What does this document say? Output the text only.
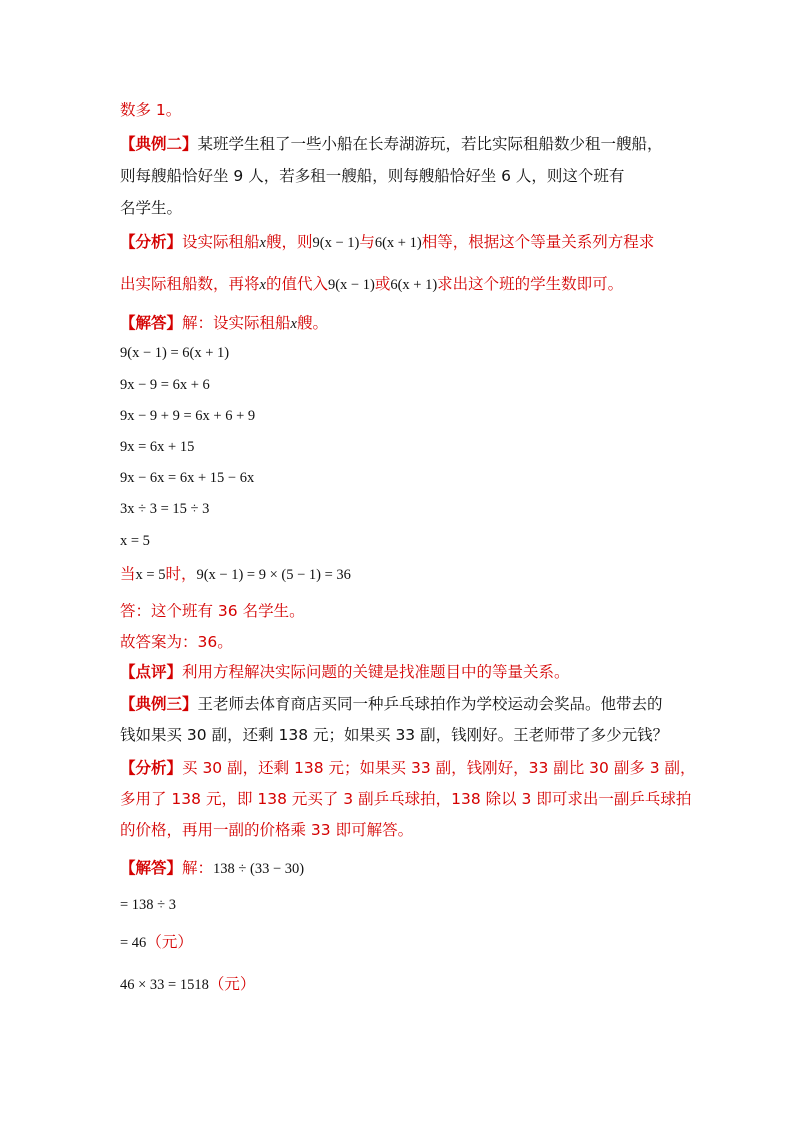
数多 1。
【典例二】某班学生租了一些小船在长寿湖游玩，若比实际租船数少租一艘船，
则每艘船恰好坐 9 人，若多租一艘船，则每艘船恰好坐 6 人，则这个班有
名学生。
【分析】设实际租船x艘，则9(x − 1)与6(x + 1)相等，根据这个等量关系列方程求
出实际租船数，再将x的值代入9(x − 1)或6(x + 1)求出这个班的学生数即可。
【解答】解：设实际租船x艘。
9(x − 1) = 6(x + 1)
9x − 9 = 6x + 6
9x − 9 + 9 = 6x + 6 + 9
9x = 6x + 15
9x − 6x = 6x + 15 − 6x
3x ÷ 3 = 15 ÷ 3
x = 5
当x = 5时，9(x − 1) = 9 × (5 − 1) = 36
答：这个班有 36 名学生。
故答案为：36。
【点评】利用方程解决实际问题的关键是找准题目中的等量关系。
【典例三】王老师去体育商店买同一种乒乓球拍作为学校运动会奖品。他带去的
钱如果买 30 副，还剩 138 元；如果买 33 副，钱刚好。王老师带了多少元钱？
【分析】买 30 副，还剩 138 元；如果买 33 副，钱刚好，33 副比 30 副多 3 副，
多用了 138 元，即 138 元买了 3 副乒乓球拍，138 除以 3 即可求出一副乒乓球拍
的价格，再用一副的价格乘 33 即可解答。
【解答】解：138 ÷ (33 − 30)
= 138 ÷ 3
= 46（元）
46 × 33 = 1518（元）
